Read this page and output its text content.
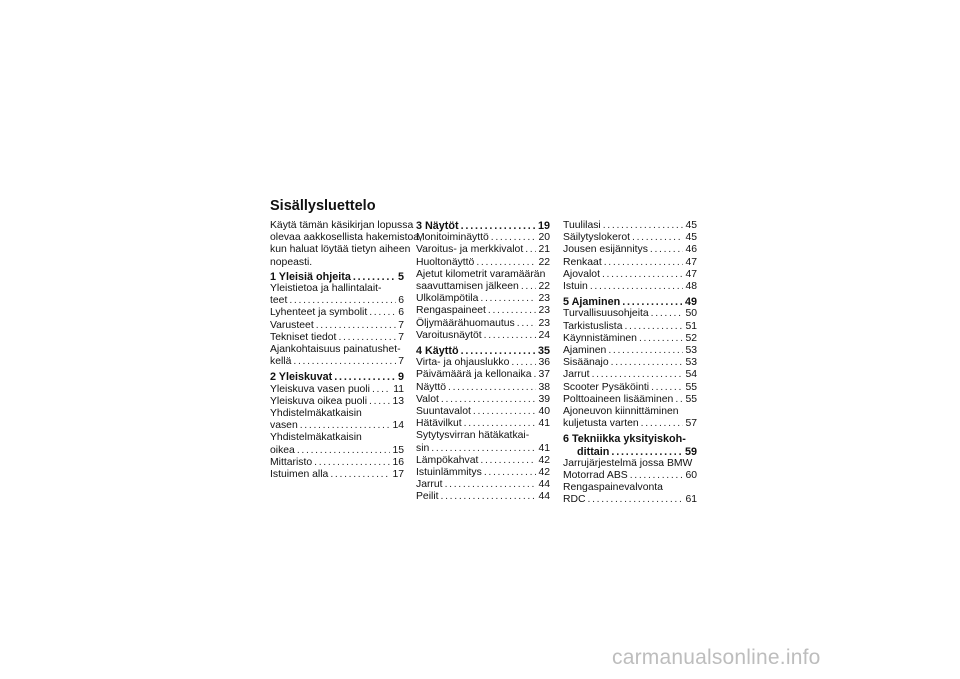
Sisällysluettelo
Käytä tämän käsikirjan lopussa
olevaa aakkosellista hakemistoa,
kun haluat löytää tietyn aiheen
nopeasti.
1 Yleisiä ohjeita . . .	5
Yleistietoa ja hallintalait-
teet . . .	6
Lyhenteet ja symbolit . . .	6
Varusteet . . .	7
Tekniset tiedot . . .	7
Ajankohtaisuus painatushet-
kellä . . .	7
2 Yleiskuvat . . .	9
Yleiskuva vasen puoli . . . 11
Yleiskuva oikea puoli . . . 13
Yhdistelmäkatkaisin
vasen . . .	14
Yhdistelmäkatkaisin
oikea . . .	15
Mittaristo . . .	16
Istuimen alla . . .	17
3 Näytöt . . .	19
Monitoiminäyttö . . .	20
Varoitus- ja merkkivalot . . . 21
Huoltonäyttö . . .	22
Ajetut kilometrit varamäärän
saavuttamisen jälkeen . . . 22
Ulkolämpötila . . .	23
Rengaspaineet . . .	23
Öljymäärähuomautus . . . 23
Varoitusnäytöt . . .	24
4 Käyttö . . .	35
Virta- ja ohjauslukko . . .	36
Päivämäärä ja kellonaika . . . 37
Näyttö . . .	38
Valot . . .	39
Suuntavalot . . .	40
Hätävilkut . . .	41
Sytytysvirran hätäkatkai-
sin . . .	41
Lämpökahvat . . .	42
Istuinlämmitys . . .	42
Jarrut . . .	44
Peilit . . .	44
Tuulilasi . . .	45
Säilytyslokerot . . .	45
Jousen esijännitys . . .	46
Renkaat . . .	47
Ajovalot . . .	47
Istuin . . .	48
5 Ajaminen . . .	49
Turvallisuusohjeita . . .	50
Tarkistuslista . . .	51
Käynnistäminen . . .	52
Ajaminen . . .	53
Sisäänajo . . .	53
Jarrut . . .	54
Scooter Pysäköinti . . .	55
Polttoaineen lisääminen . . . 55
Ajoneuvon kiinnittäminen
kuljetusta varten . . .	57
6 Tekniikka yksityiskoh-
dittain . . .	59
Jarrujärjestelmä jossa BMW
Motorrad ABS . . .	60
Rengaspainevalvonta
RDC . . .	61
carmanualsonline.info
